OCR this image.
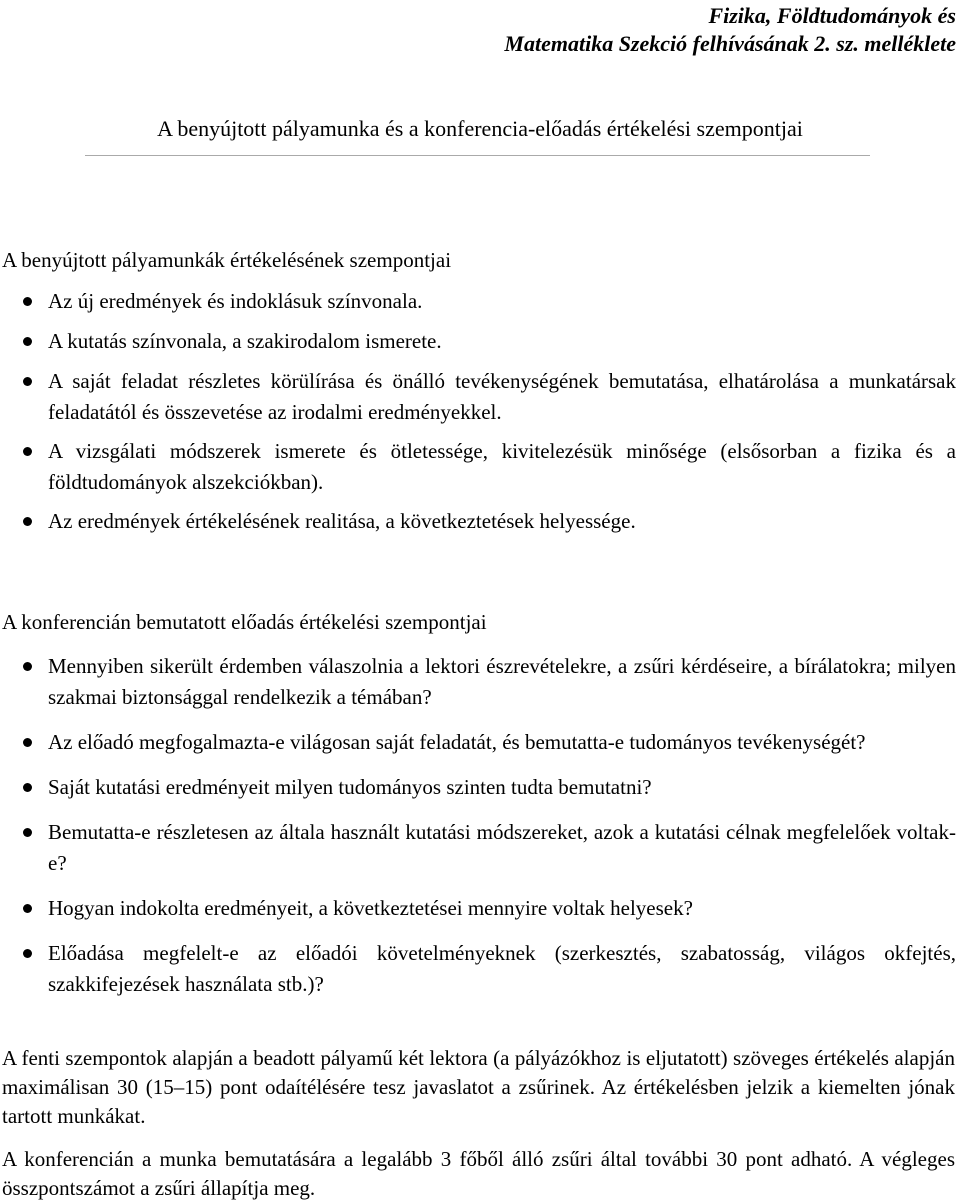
Fizika, Földtudományok és
Matematika Szekció felhívásának 2. sz. melléklete
A benyújtott pályamunka és a konferencia-előadás értékelési szempontjai
A benyújtott pályamunkák értékelésének szempontjai
Az új eredmények és indoklásuk színvonala.
A kutatás színvonala, a szakirodalom ismerete.
A saját feladat részletes körülírása és önálló tevékenységének bemutatása, elhatárolása a munkatársak feladatától és összevetése az irodalmi eredményekkel.
A vizsgálati módszerek ismerete és ötletessége, kivitelezésük minősége (elsősorban a fizika és a földtudományok alszekciókban).
Az eredmények értékelésének realitása, a következtetések helyessége.
A konferencián bemutatott előadás értékelési szempontjai
Mennyiben sikerült érdemben válaszolnia a lektori észrevételekre, a zsűri kérdéseire, a bírálatokra; milyen szakmai biztonsággal rendelkezik a témában?
Az előadó megfogalmazta-e világosan saját feladatát, és bemutatta-e tudományos tevékenységét?
Saját kutatási eredményeit milyen tudományos szinten tudta bemutatni?
Bemutatta-e részletesen az általa használt kutatási módszereket, azok a kutatási célnak megfelelőek voltak-e?
Hogyan indokolta eredményeit, a következtetései mennyire voltak helyesek?
Előadása megfelelt-e az előadói követelményeknek (szerkesztés, szabatosság, világos okfejtés, szakkifejezések használata stb.)?

A fenti szempontok alapján a beadott pályamű két lektora (a pályázókhoz is eljutatott) szöveges értékelés alapján maximálisan 30 (15–15) pont odaítélésére tesz javaslatot a zsűrinek. Az értékelésben jelzik a kiemelten jónak tartott munkákat.

A konferencián a munka bemutatására a legalább 3 főből álló zsűri által további 30 pont adható. A végleges összpontszámot a zsűri állapítja meg.
